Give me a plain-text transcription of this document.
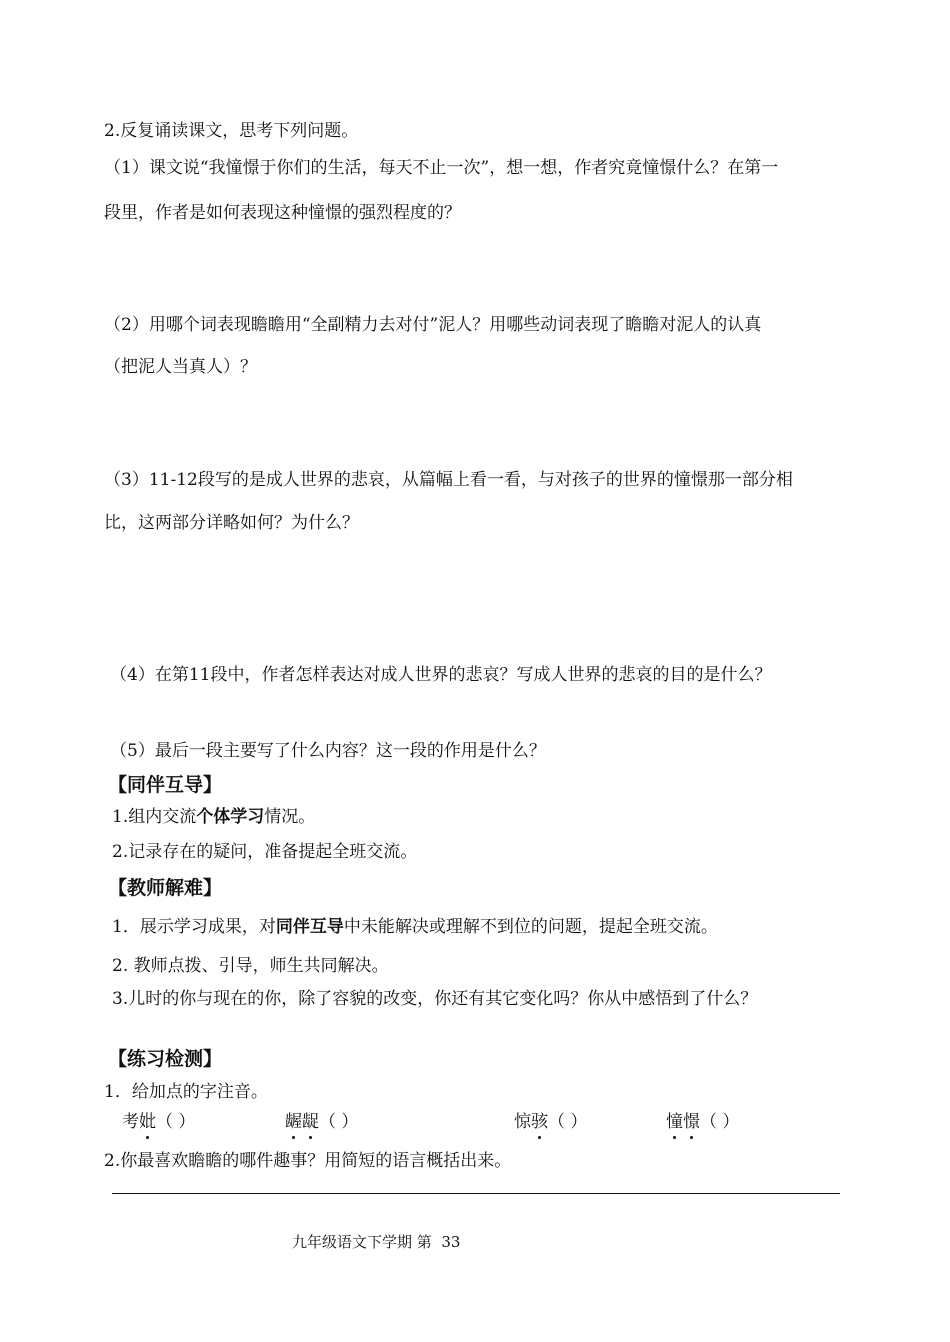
2.反复诵读课文，思考下列问题。
（1）课文说“我憧憬于你们的生活，每天不止一次”，想一想，作者究竟憧憬什么？在第一
段里，作者是如何表现这种憧憬的强烈程度的？
（2）用哪个词表现瞻瞻用“全副精力去对付”泥人？用哪些动词表现了瞻瞻对泥人的认真
（把泥人当真人）？
（3）11-12段写的是成人世界的悲哀，从篇幅上看一看，与对孩子的世界的憧憬那一部分相
比，这两部分详略如何？为什么？
（4）在第11段中，作者怎样表达对成人世界的悲哀？写成人世界的悲哀的目的是什么？
（5）最后一段主要写了什么内容？这一段的作用是什么？
【同伴互导】
1.组内交流个体学习情况。
2.记录存在的疑问，准备提起全班交流。
【教师解难】
1．展示学习成果，对同伴互导中未能解决或理解不到位的问题，提起全班交流。
2. 教师点拨、引导，师生共同解决。
3.儿时的你与现在的你，除了容貌的改变，你还有其它变化吗？你从中感悟到了什么？
【练习检测】
1．给加点的字注音。
考妣（ ）	龌龊（ ）	惊骇（ ）	憧憬（ ）
2.你最喜欢瞻瞻的哪件趣事？用简短的语言概括出来。
九年级语文下学期 第 33
